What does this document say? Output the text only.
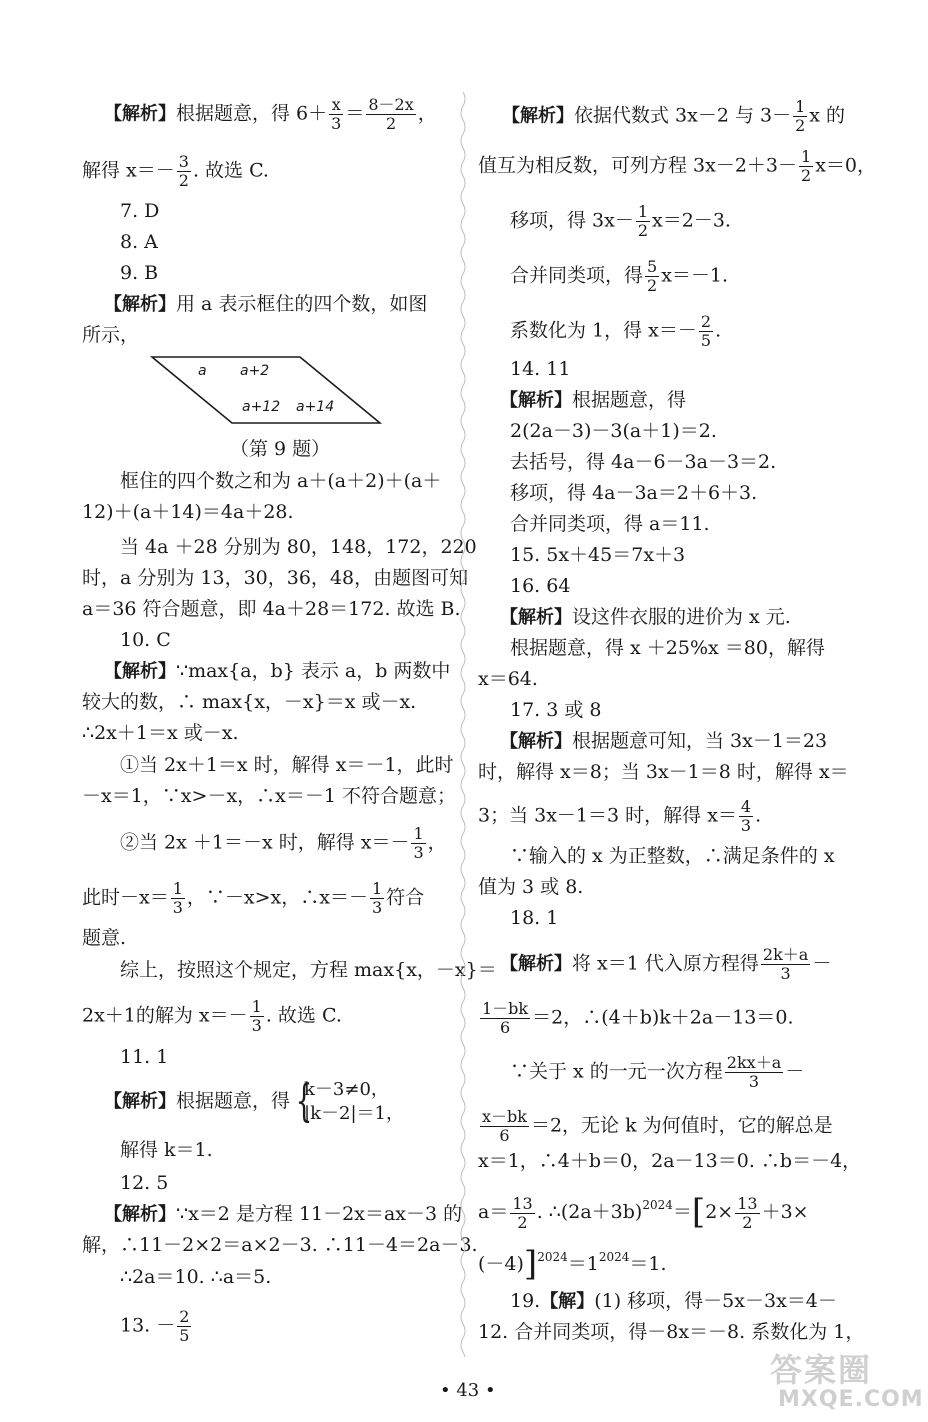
【解析】根据题意，得 $6+ \frac{x}{3} = \frac{8-2x}{2}$ ，
解得 $x=- \frac{3}{2}$ . 故选 C.
7. D
8. A
9. B
【解析】用 a 表示框住的四个数，如图
所示，
（第 9 题）
框住的四个数之和为 a＋(a＋2)＋(a＋
12)＋(a＋14)＝4a＋28.
当 4a ＋28 分别为 80，148，172，220
时，a 分别为 13，30，36，48，由题图可知
a＝36 符合题意，即 4a＋28＝172. 故选 B.
10. C
【解析】∵max{a，b} 表示 a，b 两数中
较大的数，∴ max{x，－x}＝x 或－x.
∴2x＋1＝x 或－x.
①当 2x＋1＝x 时，解得 x＝－1，此时
－x＝1，∵x>－x，∴x＝－1 不符合题意；
②当 2x ＋1＝－x 时，解得 $x=- \frac{1}{3}$ ，
此时$-x= \frac{1}{3}$ ，∵－x>x，∴x＝－ $\frac{1}{3}$ 符合
题意.
综上，按照这个规定，方程 max{x，－x}＝
2x＋1的解为 $x=- \frac{1}{3}$ . 故选 C.
11. 1
【解析】根据题意，得 {
k－3≠0，
|k－2|＝1，
解得 k＝1.
12. 5
【解析】∵x＝2 是方程 11－2x＝ax－3 的
解，∴11－2×2＝a×2－3. ∴11－4＝2a－3.
∴2a＝10. ∴a＝5.
13. － $\frac{2}{5}$
a a+2
a+12 a+14
【解析】依据代数式 3x－2 与 $3- \frac{1}{2}$ x 的
值互为相反数，可列方程 $3x-2+3- \frac{1}{2} x=0$，
移项，得 $3x- \frac{1}{2} x=2-3$.
合并同类项，得 $\frac{5}{2} x=-1$.
系数化为 1，得 $x=- \frac{2}{5}$ .
14. 11
【解析】根据题意，得
2(2a－3)－3(a＋1)＝2.
去括号，得 4a－6－3a－3＝2.
移项，得 4a－3a＝2＋6＋3.
合并同类项，得 a＝11.
15. 5x＋45＝7x＋3
16. 64
【解析】设这件衣服的进价为 x 元.
根据题意，得 x ＋25%x ＝80，解得
x＝64.
17. 3 或 8
【解析】根据题意可知，当 3x－1＝23
时，解得 x＝8；当 3x－1＝8 时，解得 x＝
3；当 3x－1＝3 时，解得 $x= \frac{4}{3}$ .
∵输入的 x 为正整数，∴满足条件的 x
值为 3 或 8.
18. 1
【解析】将 x＝1 代入原方程得 $\frac{2k+a}{3}$ －
$\frac{1-bk}{6} =2$，∴(4＋b)k＋2a－13＝0.
∵关于 x 的一元一次方程 $\frac{2kx+a}{3}$ －
$\frac{x-bk}{6} =2$，无论 k 为何值时，它的解总是
x＝1，∴4＋b＝0，2a－13＝0. ∴b＝－4，
$a= \frac{13}{2}$ . $\therefore(2a+3b)^{2024}=[2\times \frac{13}{2} +3\times$
$(-4)]^{2024}=1^{2024}=1$.
19.【解】(1) 移项，得－5x－3x＝4－
12. 合并同类项，得－8x＝－8. 系数化为 1，
• 43 •
答案圈
MXQE.COM
